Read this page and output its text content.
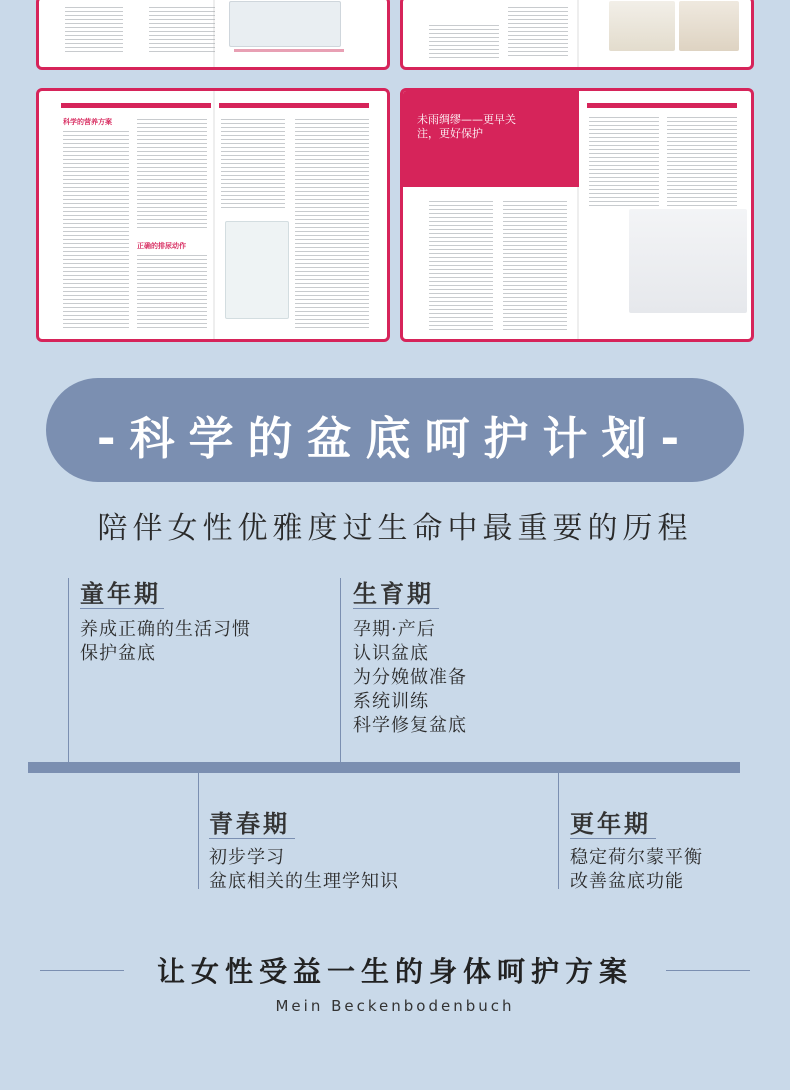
科学的营养方案
正确的排尿动作
未雨绸缪——更早关注，更好保护
-科学的盆底呵护计划-
陪伴女性优雅度过生命中最重要的历程
童年期
养成正确的生活习惯
保护盆底
生育期
孕期·产后
认识盆底
为分娩做准备
系统训练
科学修复盆底
青春期
初步学习
盆底相关的生理学知识
更年期
稳定荷尔蒙平衡
改善盆底功能
让女性受益一生的身体呵护方案
Mein Beckenbodenbuch
